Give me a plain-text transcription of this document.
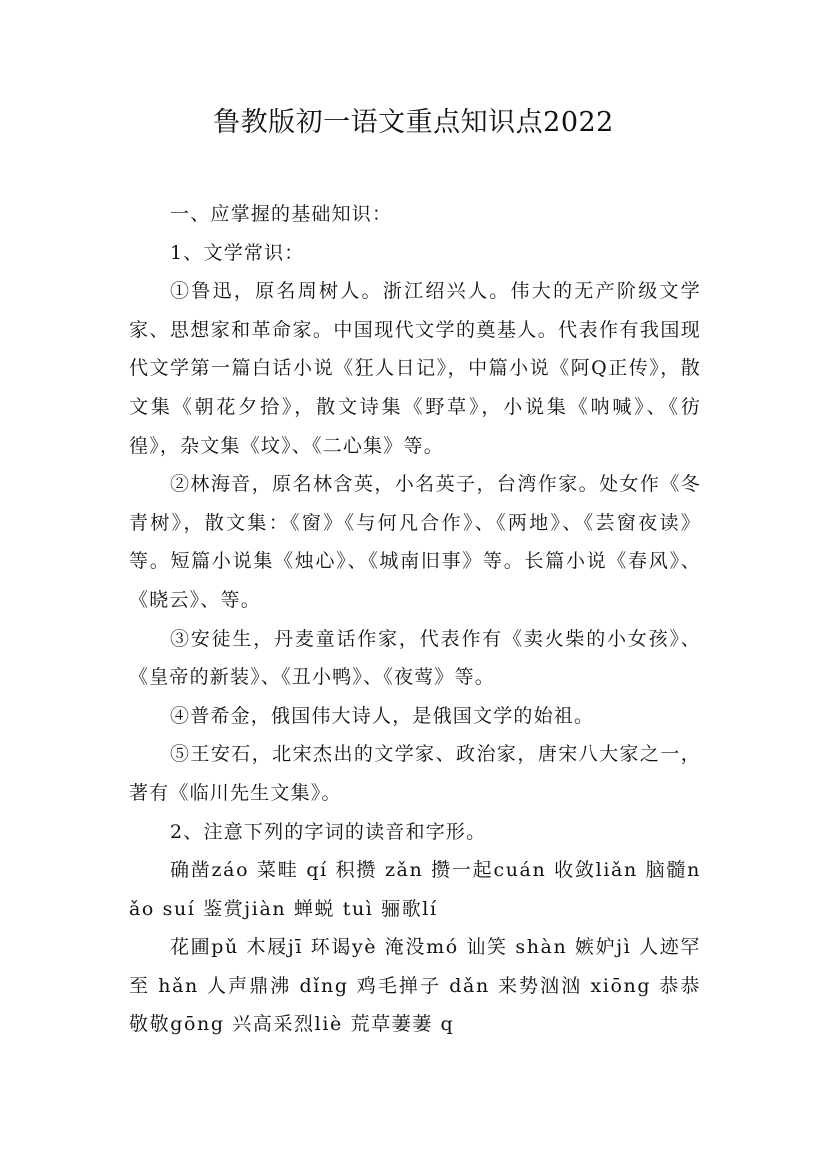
鲁教版初一语文重点知识点2022

一、应掌握的基础知识：

1、文学常识：

①鲁迅，原名周树人。浙江绍兴人。伟大的无产阶级文学家、思想家和革命家。中国现代文学的奠基人。代表作有我国现代文学第一篇白话小说《狂人日记》，中篇小说《阿Q正传》，散文集《朝花夕拾》，散文诗集《野草》，小说集《呐喊》、《彷徨》，杂文集《坟》、《二心集》等。

②林海音，原名林含英，小名英子，台湾作家。处女作《冬青树》，散文集：《窗》《与何凡合作》、《两地》、《芸窗夜读》等。短篇小说集《烛心》、《城南旧事》等。长篇小说《春风》、《晓云》、等。

③安徒生，丹麦童话作家，代表作有《卖火柴的小女孩》、《皇帝的新装》、《丑小鸭》、《夜莺》等。

④普希金，俄国伟大诗人，是俄国文学的始祖。

⑤王安石，北宋杰出的文学家、政治家，唐宋八大家之一，著有《临川先生文集》。

2、注意下列的字词的读音和字形。

确凿záo 菜畦 qí 积攒 zǎn 攒一起cuán 收敛liǎn 脑髓nǎo suí 鉴赏jiàn 蝉蜕 tuì 骊歌lí

花圃pǔ 木屐jī 环谒yè 淹没mó 讪笑 shàn 嫉妒jì 人迹罕至 hǎn 人声鼎沸 dǐng 鸡毛掸子 dǎn 来势汹汹 xiōng 恭恭敬敬gōng 兴高采烈liè 荒草萋萋 q
